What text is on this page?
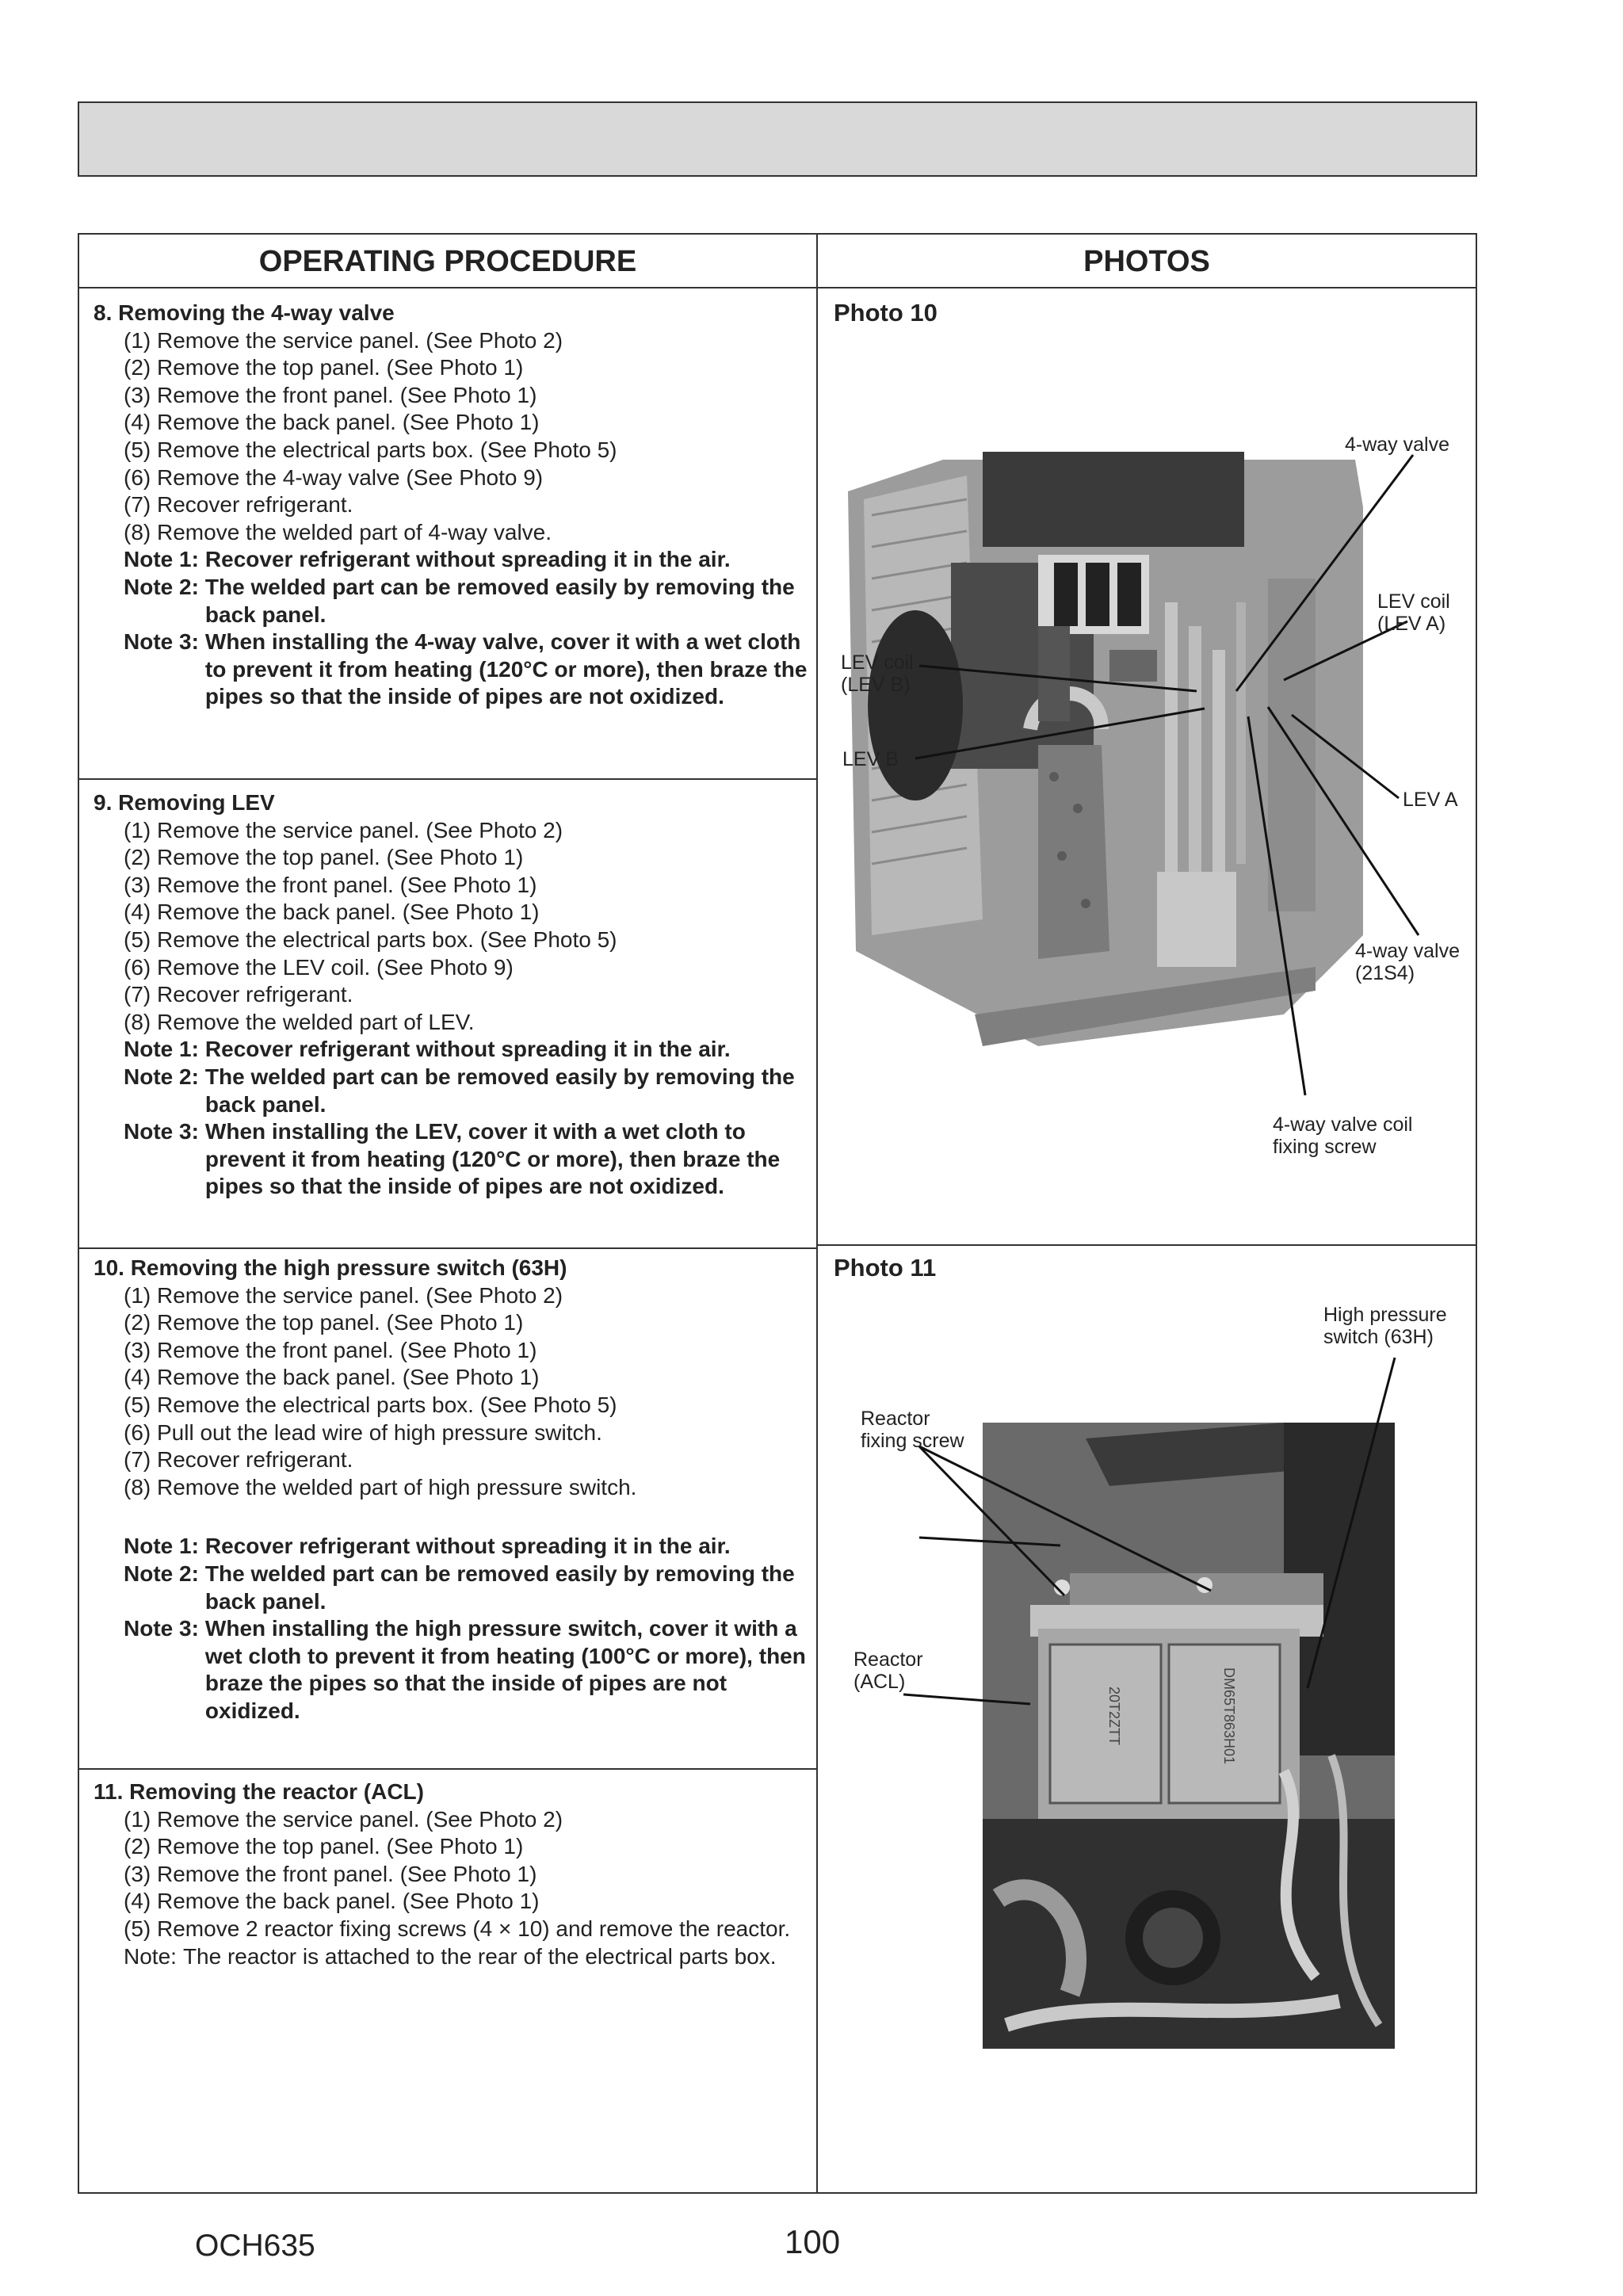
OPERATING PROCEDURE	PHOTOS
8. Removing the 4-way valve
(1) Remove the service panel. (See Photo 2)
(2) Remove the top panel. (See Photo 1)
(3) Remove the front panel. (See Photo 1)
(4) Remove the back panel. (See Photo 1)
(5) Remove the electrical parts box. (See Photo 5)
(6) Remove the 4-way valve (See Photo 9)
(7) Recover refrigerant.
(8) Remove the welded part of 4-way valve.
Note 1: Recover refrigerant without spreading it in the air.
Note 2: The welded part can be removed easily by removing the back panel.
Note 3: When installing the 4-way valve, cover it with a wet cloth to prevent it from heating (120°C or more), then braze the pipes so that the inside of pipes are not oxidized.
9. Removing LEV
(1) Remove the service panel. (See Photo 2)
(2) Remove the top panel. (See Photo 1)
(3) Remove the front panel. (See Photo 1)
(4) Remove the back panel. (See Photo 1)
(5) Remove the electrical parts box. (See Photo 5)
(6) Remove the LEV coil. (See Photo 9)
(7) Recover refrigerant.
(8) Remove the welded part of LEV.
Note 1: Recover refrigerant without spreading it in the air.
Note 2: The welded part can be removed easily by removing the back panel.
Note 3: When installing the LEV, cover it with a wet cloth to prevent it from heating (120°C or more), then braze the pipes so that the inside of pipes are not oxidized.
10. Removing the high pressure switch (63H)
(1) Remove the service panel. (See Photo 2)
(2) Remove the top panel. (See Photo 1)
(3) Remove the front panel. (See Photo 1)
(4) Remove the back panel. (See Photo 1)
(5) Remove the electrical parts box. (See Photo 5)
(6) Pull out the lead wire of high pressure switch.
(7) Recover refrigerant.
(8) Remove the welded part of high pressure switch.
Note 1: Recover refrigerant without spreading it in the air.
Note 2: The welded part can be removed easily by removing the back panel.
Note 3: When installing the high pressure switch, cover it with a wet cloth to prevent it from heating (100°C or more), then braze the pipes so that the inside of pipes are not oxidized.
11. Removing the reactor (ACL)
(1) Remove the service panel. (See Photo 2)
(2) Remove the top panel. (See Photo 1)
(3) Remove the front panel. (See Photo 1)
(4) Remove the back panel. (See Photo 1)
(5) Remove 2 reactor fixing screws (4 × 10) and remove the reactor.
Note: The reactor is attached to the rear of the electrical parts box.
Photo 10
4-way valve
LEV coil
(LEV A)
LEV coil
(LEV B)
LEV B
LEV A
4-way valve
(21S4)
4-way valve coil
fixing screw
Photo 11
20T2ZTT	DM65T863H01
High pressure
switch (63H)
Reactor
fixing screw
Reactor
(ACL)
OCH635	100
